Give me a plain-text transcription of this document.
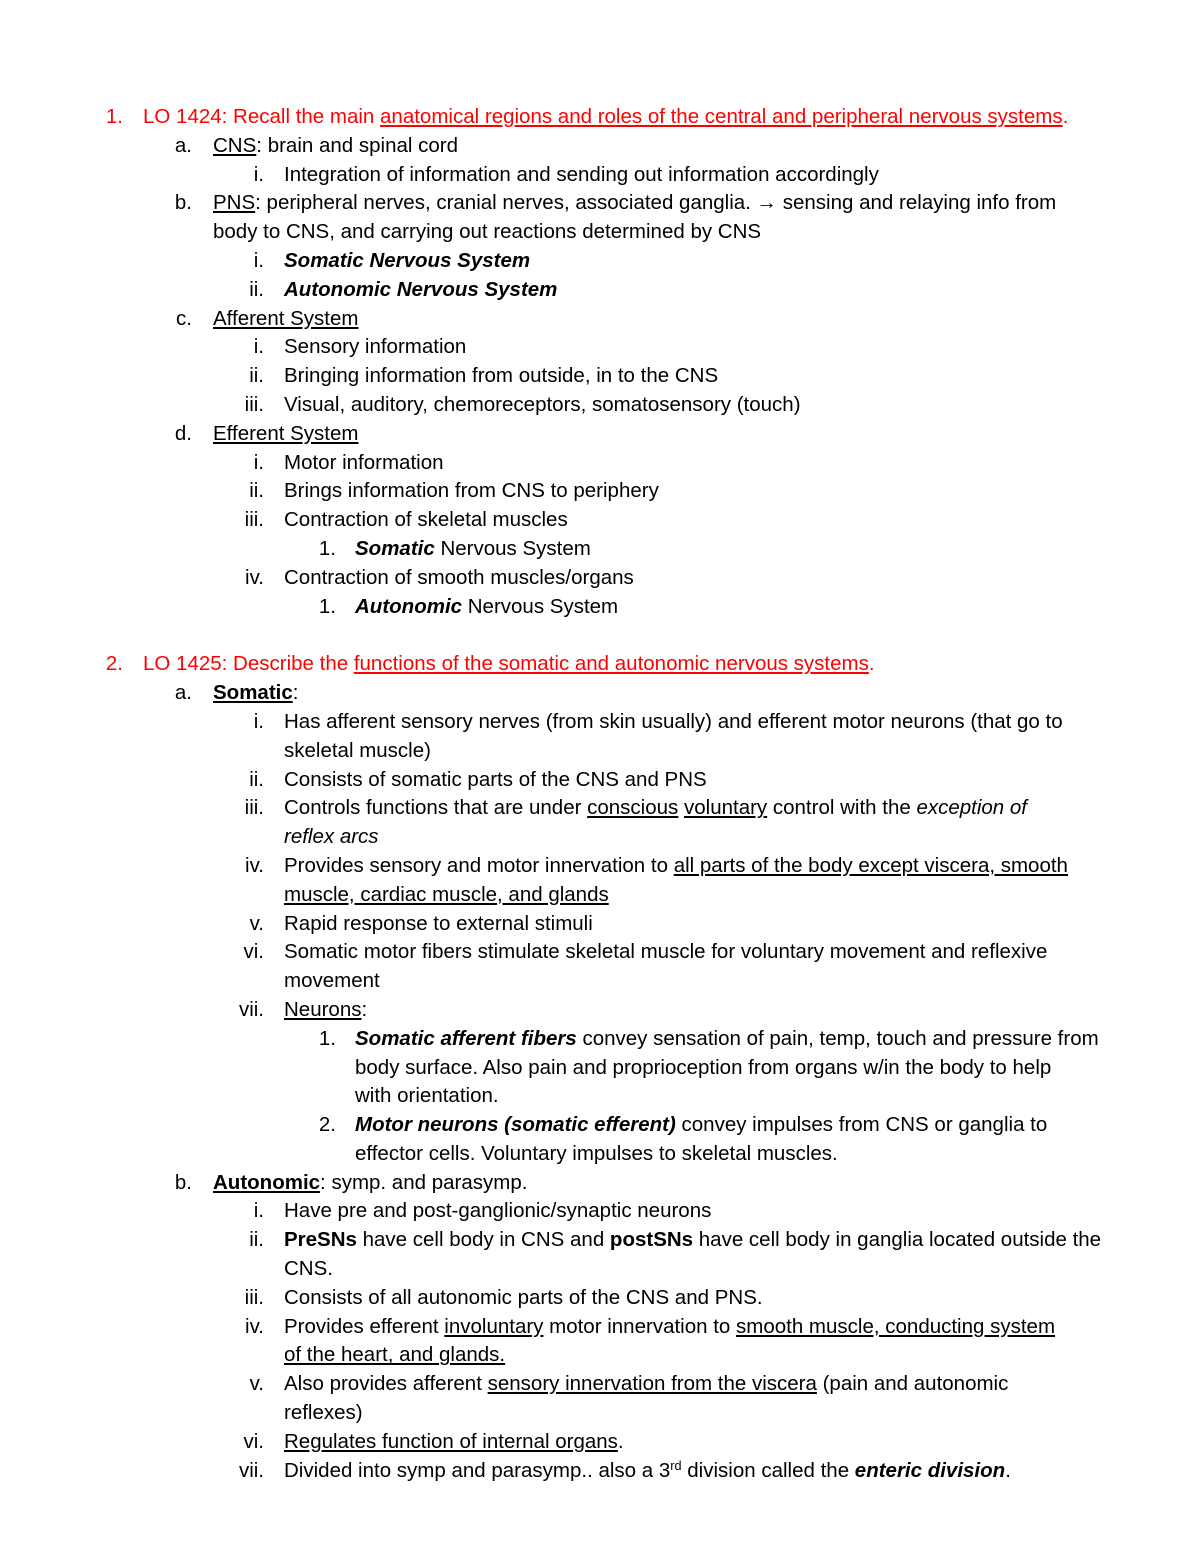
1. LO 1424: Recall the main anatomical regions and roles of the central and peripheral nervous systems.
a. CNS: brain and spinal cord
i. Integration of information and sending out information accordingly
b. PNS: peripheral nerves, cranial nerves, associated ganglia. → sensing and relaying info from
body to CNS, and carrying out reactions determined by CNS
i. Somatic Nervous System
ii. Autonomic Nervous System
c. Afferent System
i. Sensory information
ii. Bringing information from outside, in to the CNS
iii. Visual, auditory, chemoreceptors, somatosensory (touch)
d. Efferent System
i. Motor information
ii. Brings information from CNS to periphery
iii. Contraction of skeletal muscles
1. Somatic Nervous System
iv. Contraction of smooth muscles/organs
1. Autonomic Nervous System
2. LO 1425: Describe the functions of the somatic and autonomic nervous systems.
a. Somatic:
i. Has afferent sensory nerves (from skin usually) and efferent motor neurons (that go to
skeletal muscle)
ii. Consists of somatic parts of the CNS and PNS
iii. Controls functions that are under conscious voluntary control with the exception of
reflex arcs
iv. Provides sensory and motor innervation to all parts of the body except viscera, smooth
muscle, cardiac muscle, and glands
v. Rapid response to external stimuli
vi. Somatic motor fibers stimulate skeletal muscle for voluntary movement and reflexive
movement
vii. Neurons:
1. Somatic afferent fibers convey sensation of pain, temp, touch and pressure from
body surface. Also pain and proprioception from organs w/in the body to help
with orientation.
2. Motor neurons (somatic efferent) convey impulses from CNS or ganglia to
effector cells. Voluntary impulses to skeletal muscles.
b. Autonomic: symp. and parasymp.
i. Have pre and post-ganglionic/synaptic neurons
ii. PreSNs have cell body in CNS and postSNs have cell body in ganglia located outside the
CNS.
iii. Consists of all autonomic parts of the CNS and PNS.
iv. Provides efferent involuntary motor innervation to smooth muscle, conducting system
of the heart, and glands.
v. Also provides afferent sensory innervation from the viscera (pain and autonomic
reflexes)
vi. Regulates function of internal organs.
vii. Divided into symp and parasymp.. also a 3rd division called the enteric division.
